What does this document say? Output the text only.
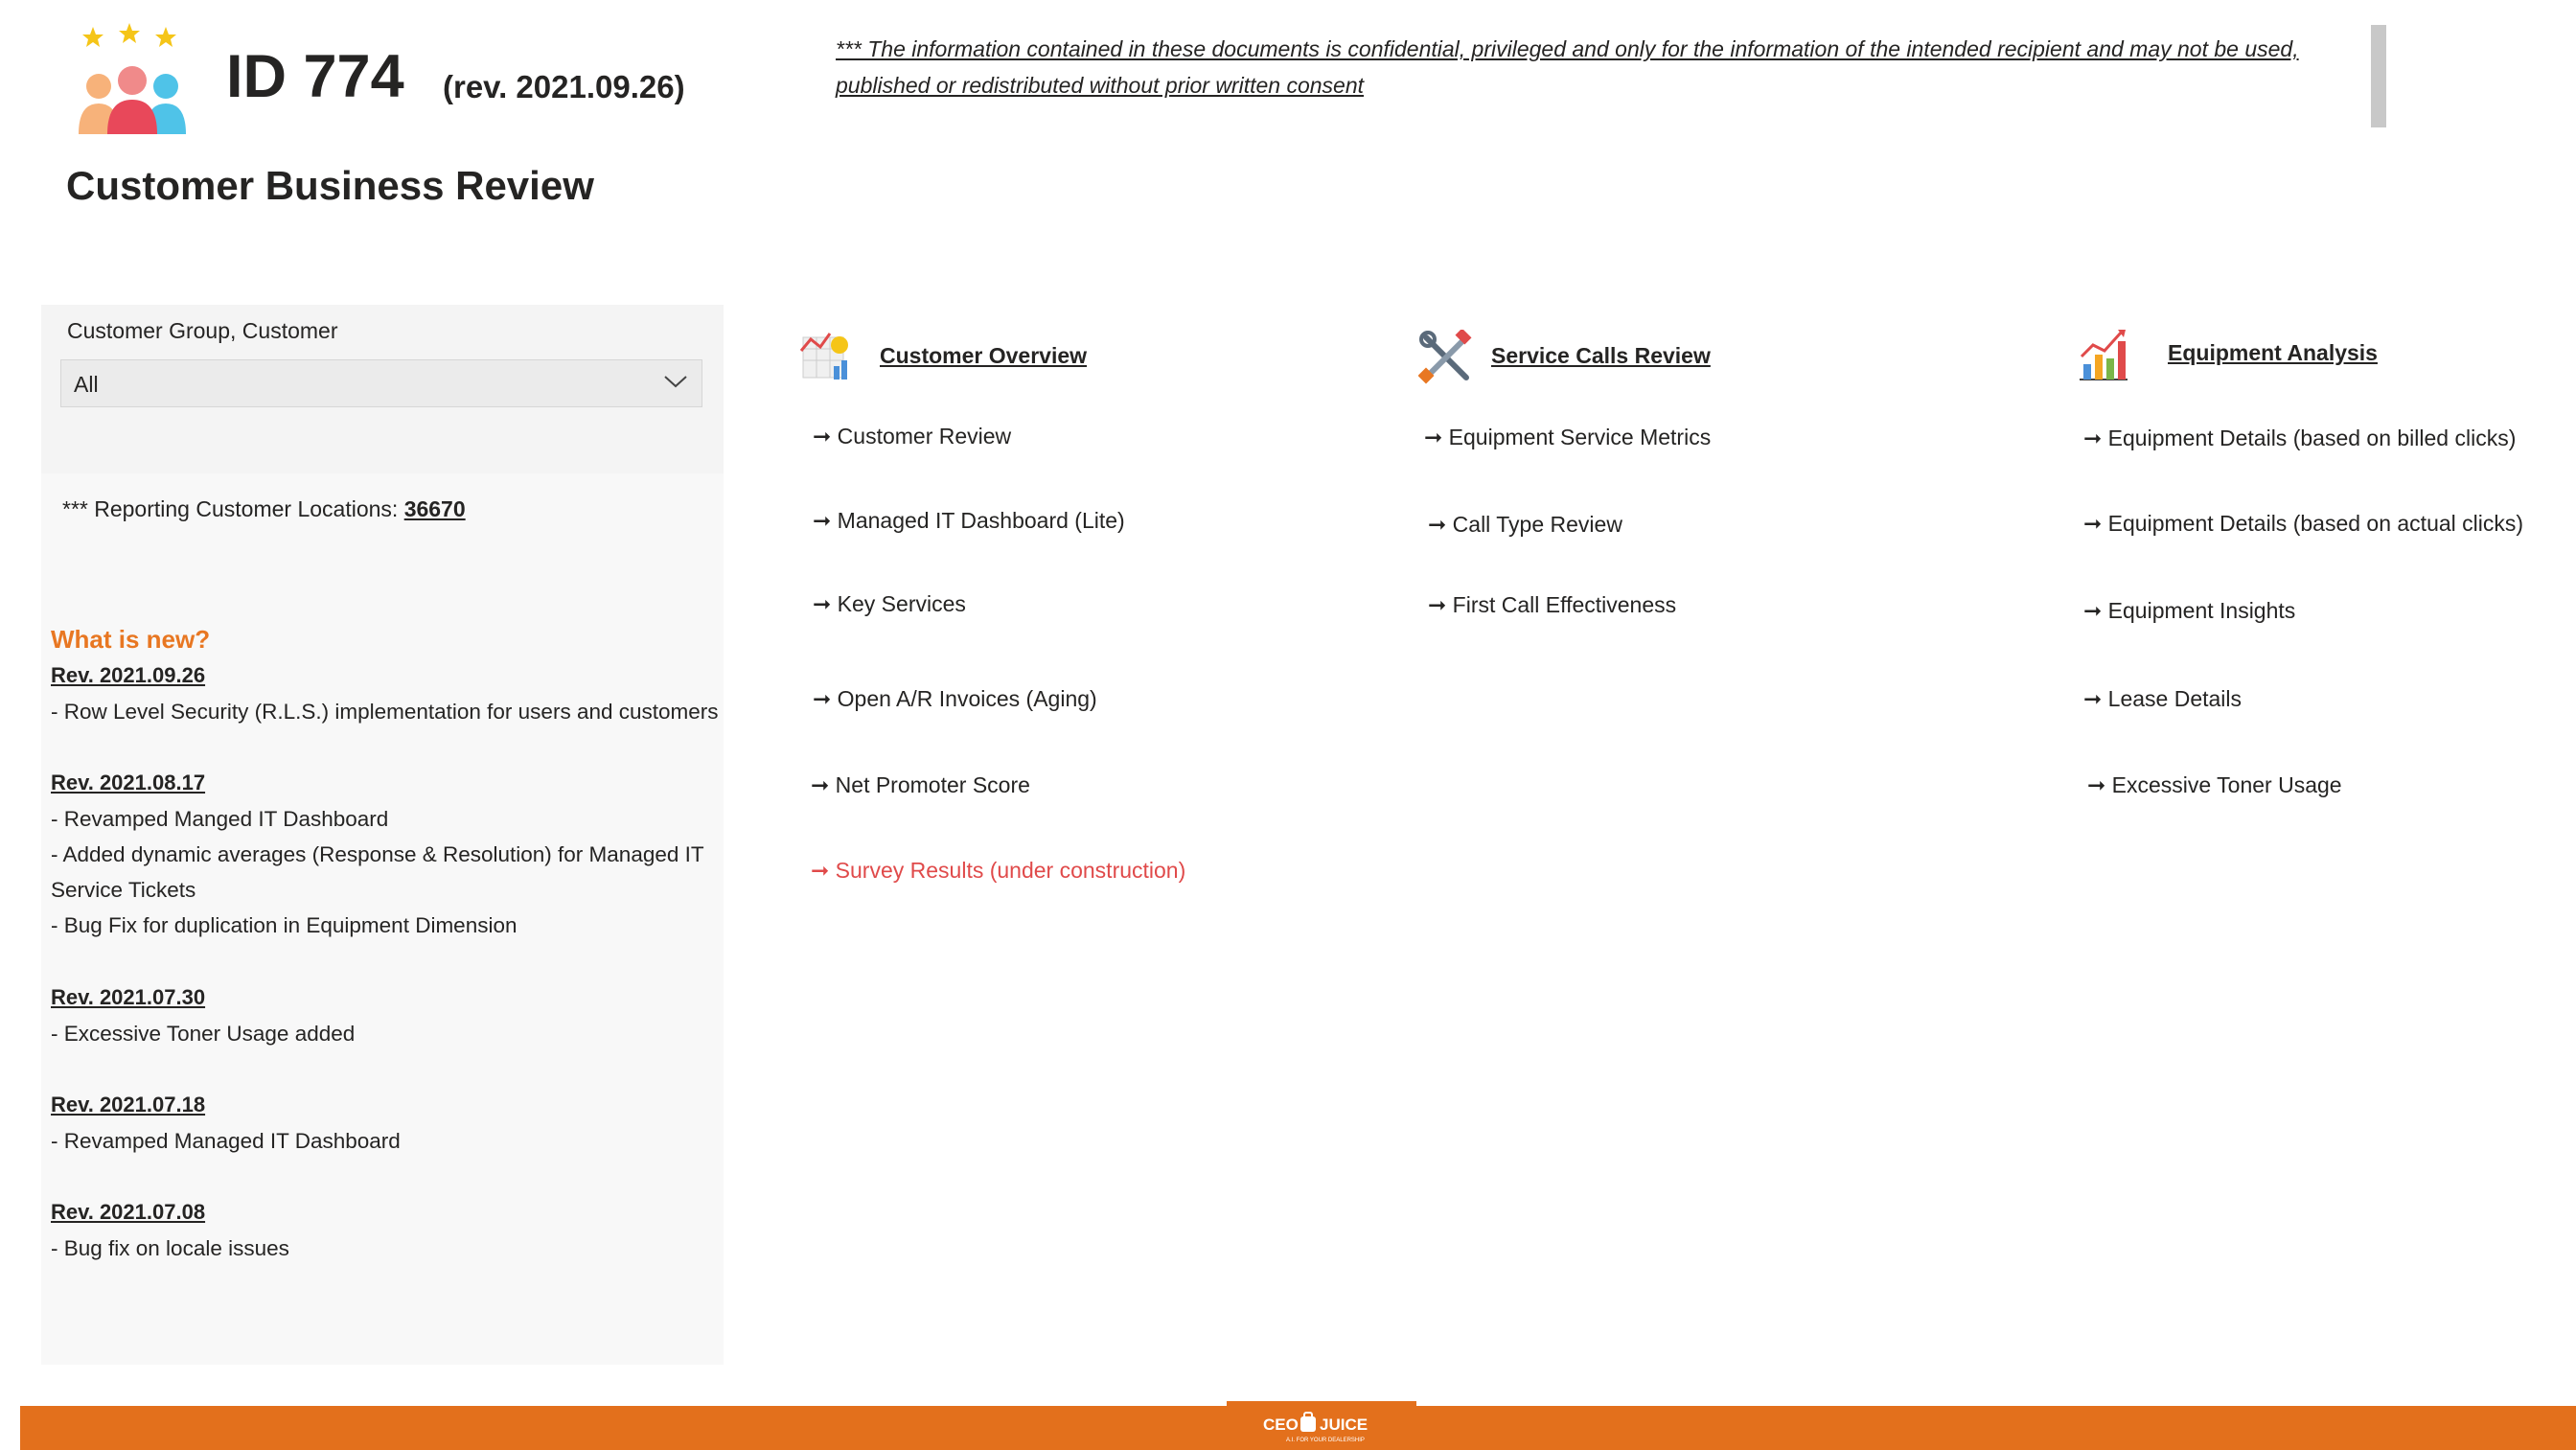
ID 774 (rev. 2021.09.26)
Customer Business Review
*** The information contained in these documents is confidential, privileged and only for the information of the intended recipient and may not be used, published or redistributed without prior written consent
Customer Group, Customer
All
*** Reporting Customer Locations: 36670
What is new?
Rev. 2021.09.26
- Row Level Security (R.L.S.) implementation for users and customers
Rev. 2021.08.17
- Revamped Manged IT Dashboard
- Added dynamic averages (Response & Resolution) for Managed IT
Service Tickets
- Bug Fix for duplication in Equipment Dimension
Rev. 2021.07.30
- Excessive Toner Usage added
Rev. 2021.07.18
- Revamped Managed IT Dashboard
Rev. 2021.07.08
- Bug fix on locale issues
Customer Overview
➞ Customer Review
➞ Managed IT Dashboard (Lite)
➞ Key Services
➞ Open A/R Invoices (Aging)
➞ Net Promoter Score
➞ Survey Results (under construction)
Service Calls Review
➞ Equipment Service Metrics
➞ Call Type Review
➞ First Call Effectiveness
Equipment Analysis
➞ Equipment Details (based on billed clicks)
➞ Equipment Details (based on actual clicks)
➞ Equipment Insights
➞ Lease Details
➞ Excessive Toner Usage
CEO JUICE
A.I. FOR YOUR DEALERSHIP
